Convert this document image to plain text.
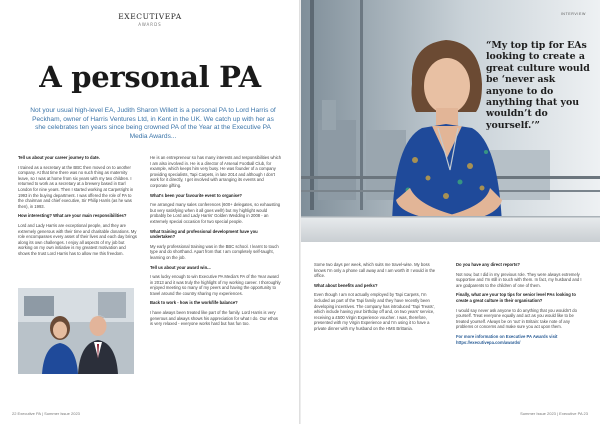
EXECUTIVEPA
AWARDS
A personal PA

Not your usual high-level EA, Judith Sharon Willett is a personal PA to Lord Harris of Peckham, owner of Harris Ventures Ltd, in Kent in the UK. We catch up with her as she celebrates ten years since being crowned PA of the Year at the Executive PA Media Awards...

Tell us about your career journey to date.

I trained as a secretary at the BBC then moved on to another company. At that time there was no such thing as maternity leave, so I was at home from six years with my two children. I returned to work as a secretary at a brewery based in Earl London for nine years. Then I started working at Carpetright in 1993 in the buying department. I was offered the role of PA to the chairman and chief executive, Sir Philip Harris (as he was then), in 1993.

How interesting? What are your main responsibilities?

Lord and Lady Harris are exceptional people, and they are extremely generous with their time and charitable donations. My role encompasses every asset of their lives and each day brings along its own challenges. I enjoy all aspects of my job but working on my own initiative is my greatest motivation and shows the trust Lord Harris has to allow me this freedom.

He is an entrepreneur so has many interests and responsibilities which I am also involved in. He is a director of Arsenal Football Club, for example, which keeps him very busy. He was founder of a company providing specialists, Tapi Carpets, in late 2014 and although I don't work for it directly, I get involved with arranging its events and corporate gifting.

What's been your favourite event to organise?

I've arranged many sales conferences (600+ delegates, so exhausting but very satisfying when it all goes well!) but my highlight would probably be Lord and Lady Harris' Golden Wedding in 2008 - an extremely special occasion for two special people.

What training and professional development have you undertaken?

My early professional training was in the BBC school. I learnt to touch type and do shorthand. Apart from that I am completely self-taught, learning on the job.

Tell us about your award win...

I was lucky enough to win Executive PA Media's PA of the Year award in 2013 and it was truly the highlight of my working career. I thoroughly enjoyed meeting so many of my peers and having the opportunity to travel around the country sharing my experiences.

Back to work - how is the work/life balance?

I have always been treated like part of the family. Lord Harris is very generous and always shows his appreciation for what I do. Our ethos is very relaxed - everyone works hard but has fun too.

22 Executive PA | Summer Issue 2023
INTERVIEW
“My top tip for EAs looking to create a great culture would be ‘never ask anyone to do anything that you wouldn’t do yourself.’”

Some two days per week, which suits me travel-wise. My boss knows I'm only a phone call away and I am worth it! I would in the office.

What about benefits and perks?

Even though I am not actually employed by Tapi Carpets, I'm included as part of the Tapi family and they have recently been developing incentives. The company has introduced 'Tapi Treats', which include having your birthday off and, on two years' service, receiving a £500 Virgin Experience voucher. I was, therefore, presented with my Virgin Experience and I'm using it to have a private dinner with my husband on the HMS Brittania.

Do you have any direct reports?

Not now, but I did in my previous role. They were always extremely supportive and I'm still in touch with them. In fact, my husband and I are godparents to the children of one of them.

Finally, what are your top tips for senior level PAs looking to create a great culture in their organisation?

I would say never ask anyone to do anything that you wouldn't do yourself. Treat everyone equally and act as you would like to be treated yourself. Always be on 'out' in Britain: take note of any problems or concerns and make sure you act upon them.

For more information on Executive PA Awards visit https://executivepa.com/awards/

Summer Issue 2023 | Executive PA 23
